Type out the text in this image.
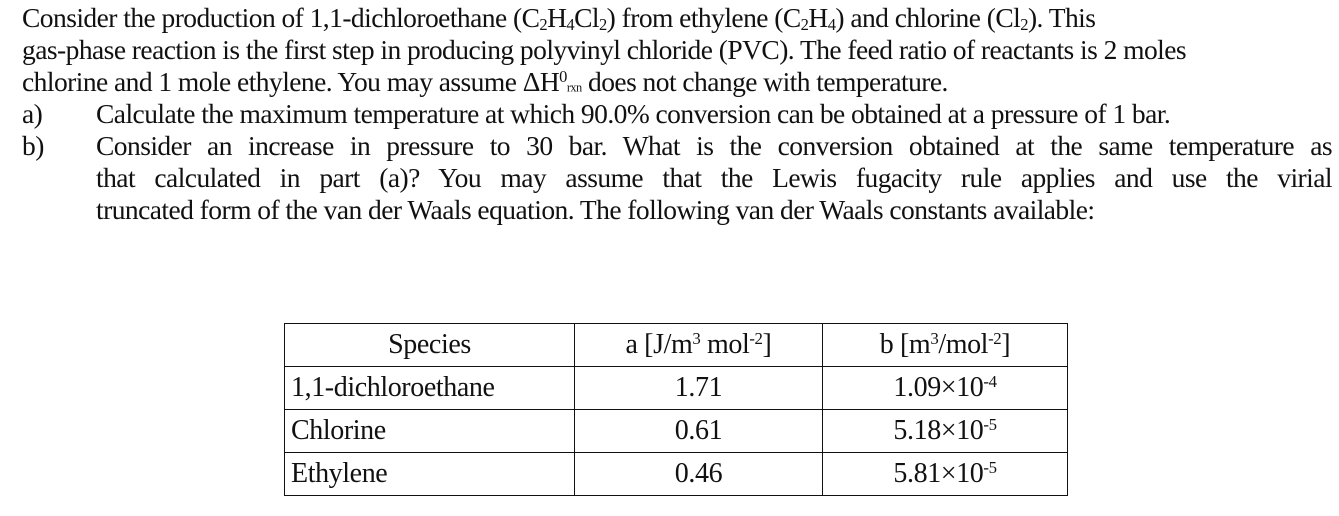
Consider the production of 1,1-dichloroethane (C2H4Cl2) from ethylene (C2H4) and chlorine (Cl2). This
gas-phase reaction is the first step in producing polyvinyl chloride (PVC). The feed ratio of reactants is 2 moles
chlorine and 1 mole ethylene. You may assume $\Delta H^0rxn$ does not change with temperature.

a)	Calculate the maximum temperature at which 90.0% conversion can be obtained at a pressure of 1 bar.
b)	Consider an increase in pressure to 30 bar. What is the conversion obtained at the same temperature as
that calculated in part (a)? You may assume that the Lewis fugacity rule applies and use the virial
truncated form of the van der Waals equation. The following van der Waals constants available:
Species	a [$J/m^3$ mol$^{-2}$]	b $[m^3/mol^{-2}]$
1,1-dichloroethane	1.71	$1.09\times 10^{-4}$
Chlorine	0.61	$5.18\times 10^{-5}$
Ethylene	0.46	$5.81\times 10^{-5}$
